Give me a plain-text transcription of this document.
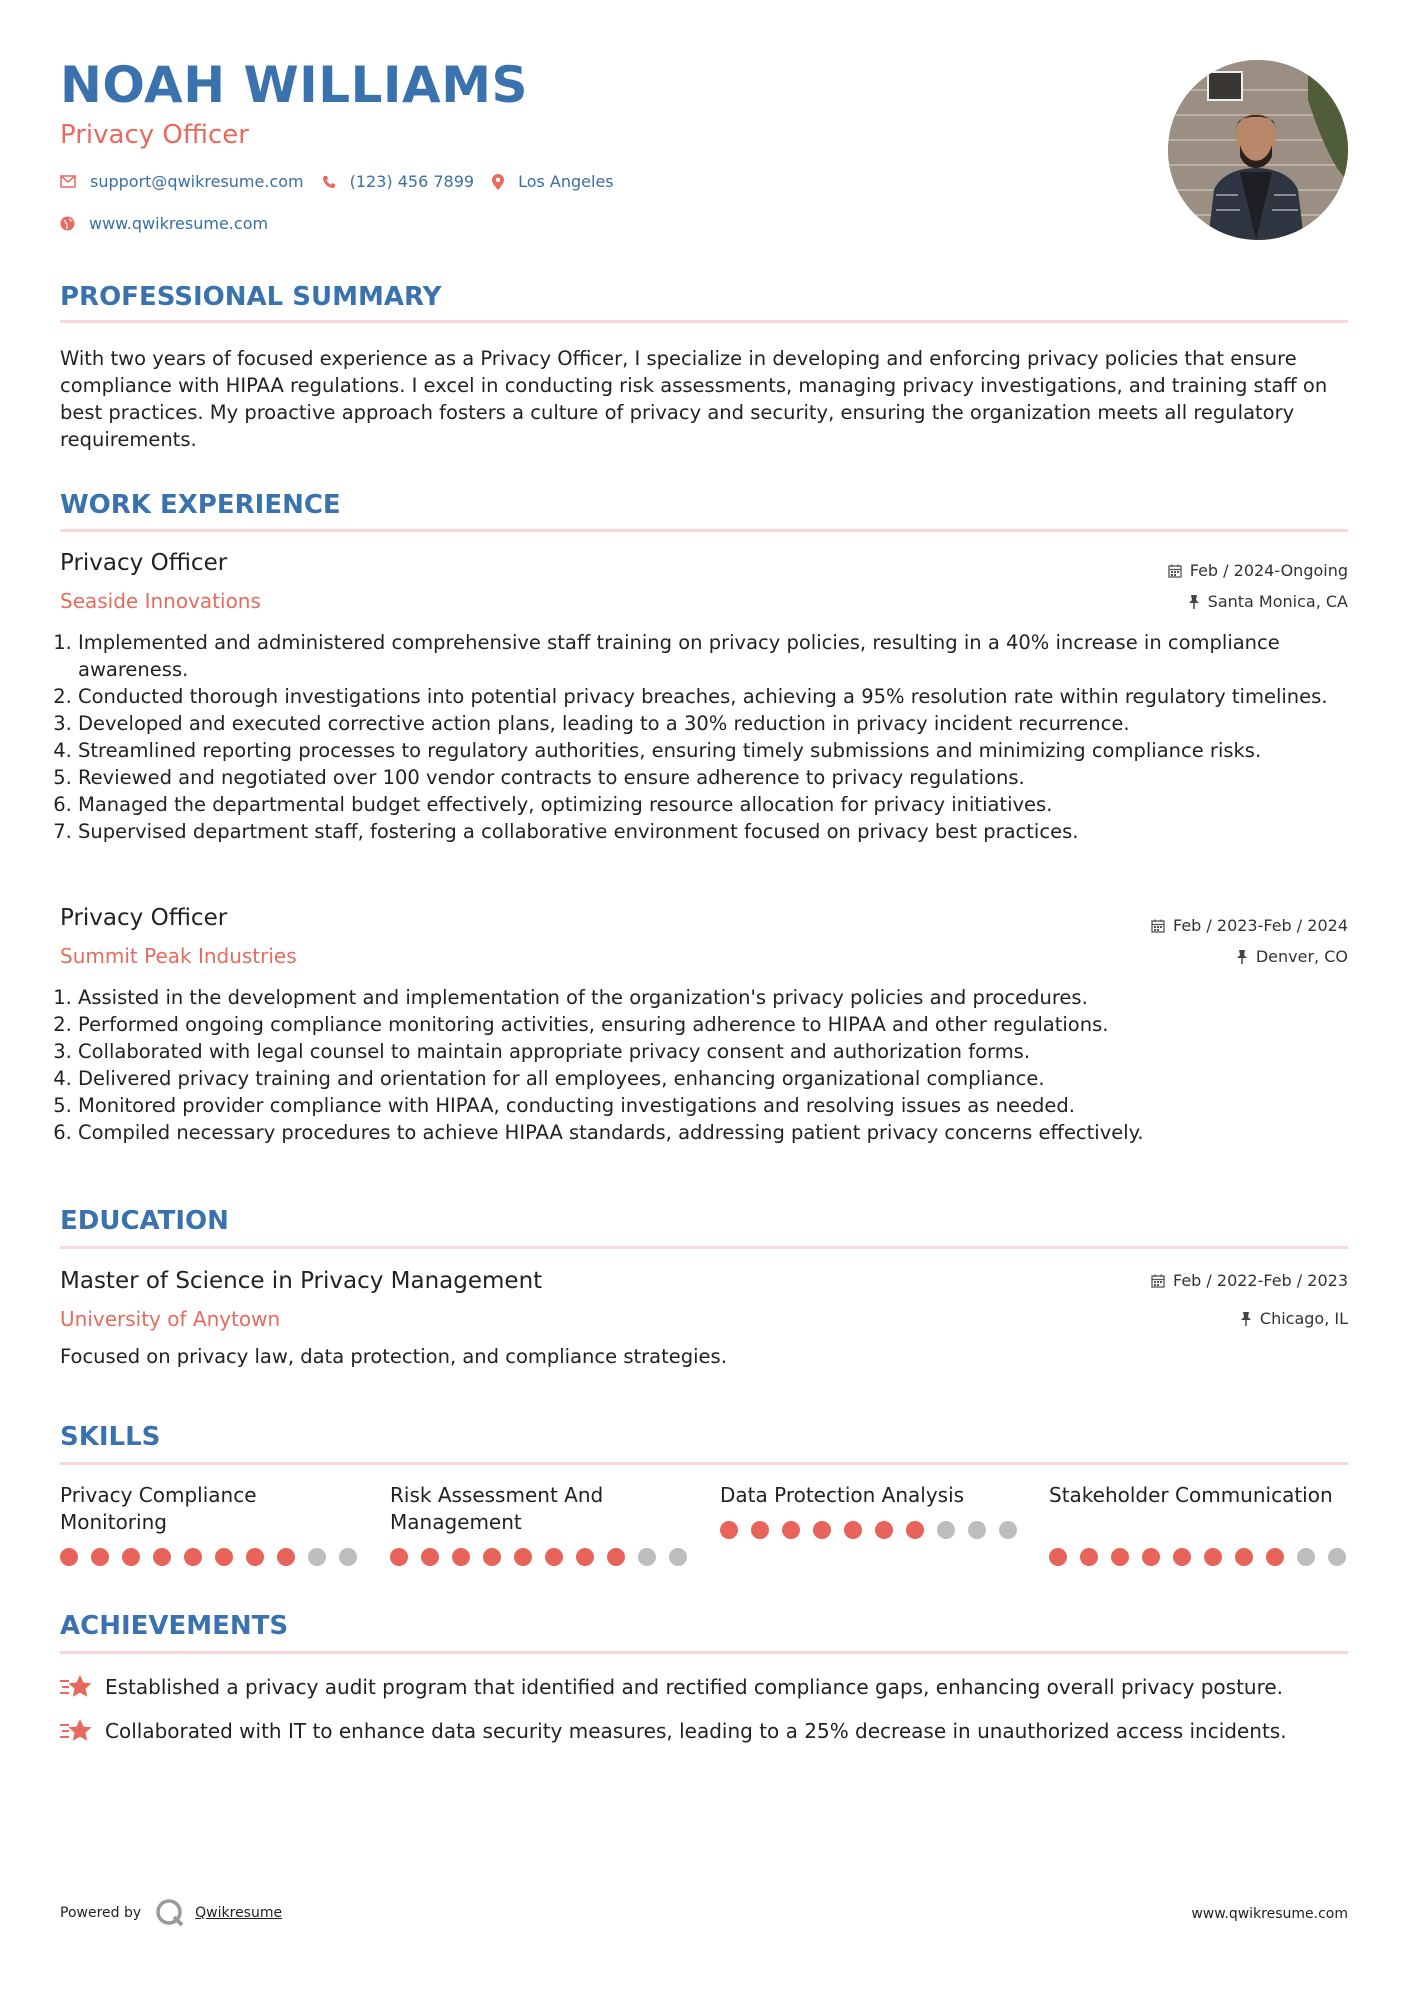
NOAH WILLIAMS
Privacy Officer
support@qwikresume.com	(123) 456 7899	Los Angeles
www.qwikresume.com
PROFESSIONAL SUMMARY

With two years of focused experience as a Privacy Officer, I specialize in developing and enforcing privacy policies that ensure compliance with HIPAA regulations. I excel in conducting risk assessments, managing privacy investigations, and training staff on best practices. My proactive approach fosters a culture of privacy and security, ensuring the organization meets all regulatory requirements.

WORK EXPERIENCE
Privacy Officer
Seaside Innovations
Feb / 2024-Ongoing
Santa Monica, CA
1. Implemented and administered comprehensive staff training on privacy policies, resulting in a 40% increase in compliance awareness.
2. Conducted thorough investigations into potential privacy breaches, achieving a 95% resolution rate within regulatory timelines.
3. Developed and executed corrective action plans, leading to a 30% reduction in privacy incident recurrence.
4. Streamlined reporting processes to regulatory authorities, ensuring timely submissions and minimizing compliance risks.
5. Reviewed and negotiated over 100 vendor contracts to ensure adherence to privacy regulations.
6. Managed the departmental budget effectively, optimizing resource allocation for privacy initiatives.
7. Supervised department staff, fostering a collaborative environment focused on privacy best practices.
Privacy Officer
Summit Peak Industries
Feb / 2023-Feb / 2024
Denver, CO
1. Assisted in the development and implementation of the organization's privacy policies and procedures.
2. Performed ongoing compliance monitoring activities, ensuring adherence to HIPAA and other regulations.
3. Collaborated with legal counsel to maintain appropriate privacy consent and authorization forms.
4. Delivered privacy training and orientation for all employees, enhancing organizational compliance.
5. Monitored provider compliance with HIPAA, conducting investigations and resolving issues as needed.
6. Compiled necessary procedures to achieve HIPAA standards, addressing patient privacy concerns effectively.
EDUCATION
Master of Science in Privacy Management
University of Anytown
Feb / 2022-Feb / 2023
Chicago, IL

Focused on privacy law, data protection, and compliance strategies.

SKILLS
Privacy Compliance Monitoring
Risk Assessment And Management
Data Protection Analysis	Stakeholder Communication
ACHIEVEMENTS
Established a privacy audit program that identified and rectified compliance gaps, enhancing overall privacy posture.
Collaborated with IT to enhance data security measures, leading to a 25% decrease in unauthorized access incidents.
Powered by	Qwikresume	www.qwikresume.com
